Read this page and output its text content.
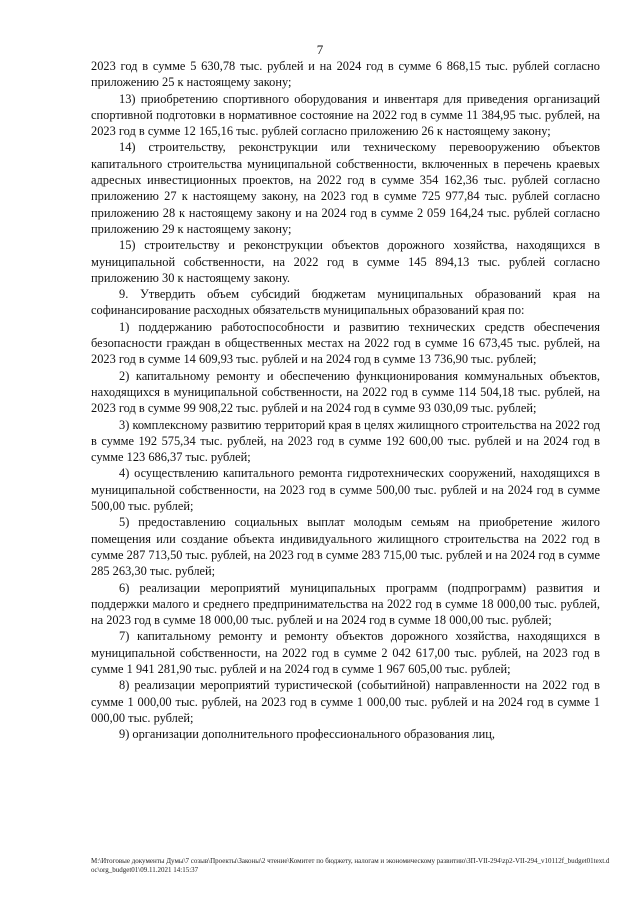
7

2023 год в сумме 5 630,78 тыс. рублей и на 2024 год в сумме 6 868,15 тыс. рублей согласно приложению 25 к настоящему закону;

13) приобретению спортивного оборудования и инвентаря для приведения организаций спортивной подготовки в нормативное состояние на 2022 год в сумме 11 384,95 тыс. рублей, на 2023 год в сумме 12 165,16 тыс. рублей согласно приложению 26 к настоящему закону;

14) строительству, реконструкции или техническому перевооружению объектов капитального строительства муниципальной собственности, включенных в перечень краевых адресных инвестиционных проектов, на 2022 год в сумме 354 162,36 тыс. рублей согласно приложению 27 к настоящему закону, на 2023 год в сумме 725 977,84 тыс. рублей согласно приложению 28 к настоящему закону и на 2024 год в сумме 2 059 164,24 тыс. рублей согласно приложению 29 к настоящему закону;

15) строительству и реконструкции объектов дорожного хозяйства, находящихся в муниципальной собственности, на 2022 год в сумме 145 894,13 тыс. рублей согласно приложению 30 к настоящему закону.

9. Утвердить объем субсидий бюджетам муниципальных образований края на софинансирование расходных обязательств муниципальных образований края по:

1) поддержанию работоспособности и развитию технических средств обеспечения безопасности граждан в общественных местах на 2022 год в сумме 16 673,45 тыс. рублей, на 2023 год в сумме 14 609,93 тыс. рублей и на 2024 год в сумме 13 736,90 тыс. рублей;

2) капитальному ремонту и обеспечению функционирования коммунальных объектов, находящихся в муниципальной собственности, на 2022 год в сумме 114 504,18 тыс. рублей, на 2023 год в сумме 99 908,22 тыс. рублей и на 2024 год в сумме 93 030,09 тыс. рублей;

3) комплексному развитию территорий края в целях жилищного строительства на 2022 год в сумме 192 575,34 тыс. рублей, на 2023 год в сумме 192 600,00 тыс. рублей и на 2024 год в сумме 123 686,37 тыс. рублей;

4) осуществлению капитального ремонта гидротехнических сооружений, находящихся в муниципальной собственности, на 2023 год в сумме 500,00 тыс. рублей и на 2024 год в сумме 500,00 тыс. рублей;

5) предоставлению социальных выплат молодым семьям на приобретение жилого помещения или создание объекта индивидуального жилищного строительства на 2022 год в сумме 287 713,50 тыс. рублей, на 2023 год в сумме 283 715,00 тыс. рублей и на 2024 год в сумме 285 263,30 тыс. рублей;

6) реализации мероприятий муниципальных программ (подпрограмм) развития и поддержки малого и среднего предпринимательства на 2022 год в сумме 18 000,00 тыс. рублей, на 2023 год в сумме 18 000,00 тыс. рублей и на 2024 год в сумме 18 000,00 тыс. рублей;

7) капитальному ремонту и ремонту объектов дорожного хозяйства, находящихся в муниципальной собственности, на 2022 год в сумме 2 042 617,00 тыс. рублей, на 2023 год в сумме 1 941 281,90 тыс. рублей и на 2024 год в сумме 1 967 605,00 тыс. рублей;

8) реализации мероприятий туристической (событийной) направленности на 2022 год в сумме 1 000,00 тыс. рублей, на 2023 год в сумме 1 000,00 тыс. рублей и на 2024 год в сумме 1 000,00 тыс. рублей;

9) организации дополнительного профессионального образования лиц,

M:\Итоговые документы Думы\7 созыв\Проекты\Законы\2 чтение\Комитет по бюджету, налогам и экономическому развитию\ЗП-VII-294\zp2-VII-294_v10112f_budget01text.doc\org_budget01\09.11.2021 14:15:37
